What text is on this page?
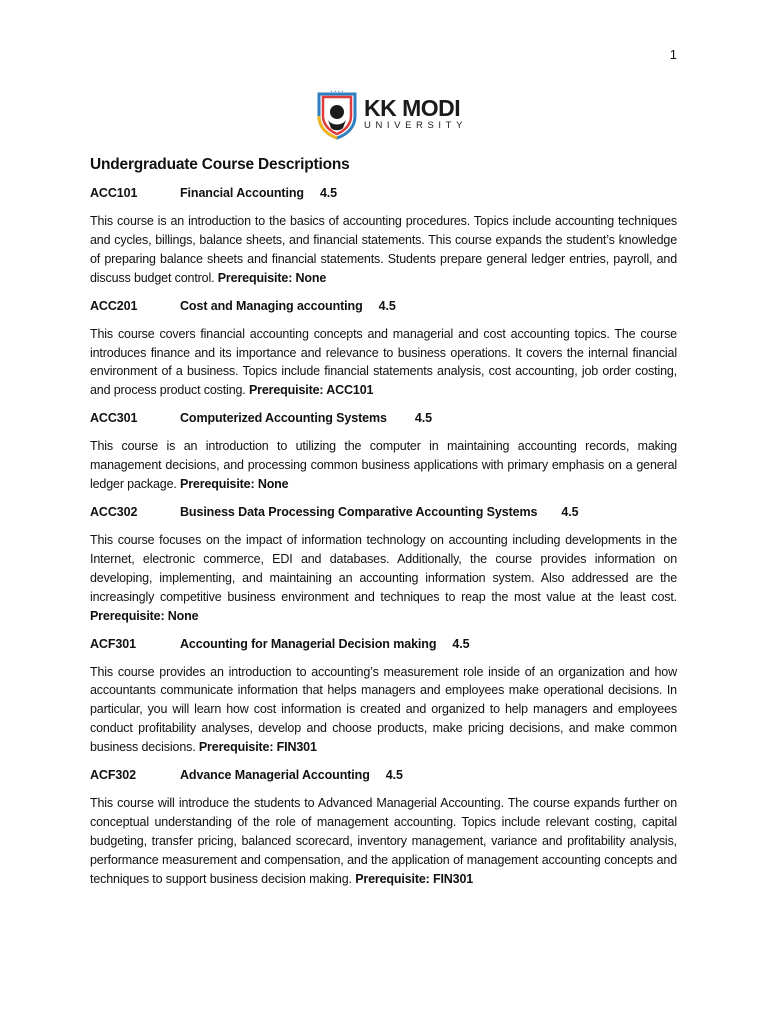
1
• • • •
KK MODI
UNIVERSITY
Undergraduate Course Descriptions
ACC101	Financial Accounting 4.5

This course is an introduction to the basics of accounting procedures. Topics include accounting techniques and cycles, billings, balance sheets, and financial statements. This course expands the student’s knowledge of preparing balance sheets and financial statements. Students prepare general ledger entries, payroll, and discuss budget control. Prerequisite: None

ACC201	Cost and Managing accounting 4.5

This course covers financial accounting concepts and managerial and cost accounting topics. The course introduces finance and its importance and relevance to business operations. It covers the internal financial environment of a business. Topics include financial statements analysis, cost accounting, job order costing, and process product costing. Prerequisite: ACC101

ACC301	Computerized Accounting Systems 4.5

This course is an introduction to utilizing the computer in maintaining accounting records, making management decisions, and processing common business applications with primary emphasis on a general ledger package. Prerequisite: None

ACC302	Business Data Processing Comparative Accounting Systems 4.5

This course focuses on the impact of information technology on accounting including developments in the Internet, electronic commerce, EDI and databases. Additionally, the course provides information on developing, implementing, and maintaining an accounting information system. Also addressed are the increasingly competitive business environment and techniques to reap the most value at the least cost. Prerequisite: None

ACF301	Accounting for Managerial Decision making 4.5

This course provides an introduction to accounting’s measurement role inside of an organization and how accountants communicate information that helps managers and employees make operational decisions. In particular, you will learn how cost information is created and organized to help managers and employees conduct profitability analyses, develop and choose products, make pricing decisions, and make common business decisions. Prerequisite: FIN301

ACF302	Advance Managerial Accounting 4.5

This course will introduce the students to Advanced Managerial Accounting. The course expands further on conceptual understanding of the role of management accounting. Topics include relevant costing, capital budgeting, transfer pricing, balanced scorecard, inventory management, variance and profitability analysis, performance measurement and compensation, and the application of management accounting concepts and techniques to support business decision making. Prerequisite: FIN301
